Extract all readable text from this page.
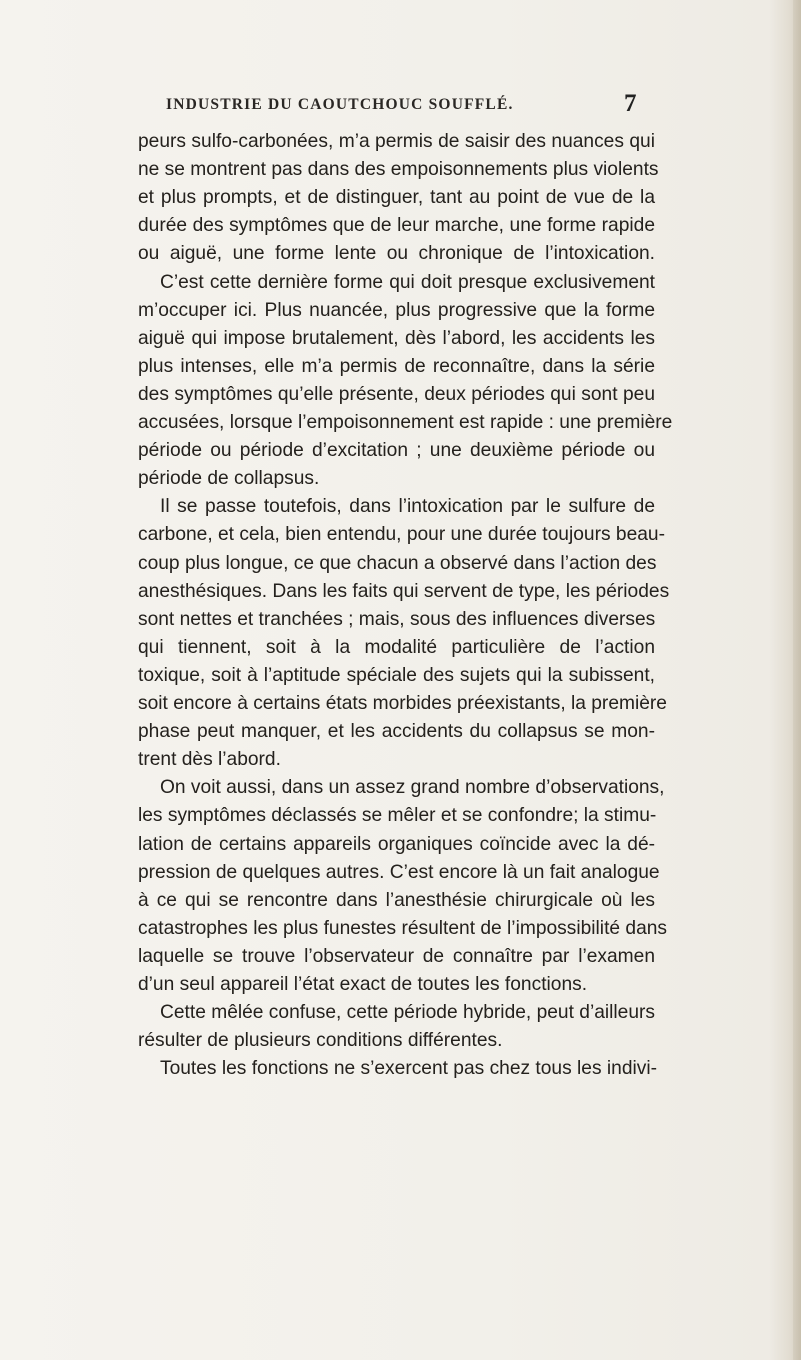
INDUSTRIE DU CAOUTCHOUC SOUFFLÉ.	7
peurs sulfo-carbonées, m’a permis de saisir des nuances qui
ne se montrent pas dans des empoisonnements plus violents
et plus prompts, et de distinguer, tant au point de vue de la
durée des symptômes que de leur marche, une forme rapide
ou aiguë, une forme lente ou chronique de l’intoxication.
C’est cette dernière forme qui doit presque exclusivement
m’occuper ici. Plus nuancée, plus progressive que la forme
aiguë qui impose brutalement, dès l’abord, les accidents les
plus intenses, elle m’a permis de reconnaître, dans la série
des symptômes qu’elle présente, deux périodes qui sont peu
accusées, lorsque l’empoisonnement est rapide : une première
période ou période d’excitation ; une deuxième période ou
période de collapsus.
Il se passe toutefois, dans l’intoxication par le sulfure de
carbone, et cela, bien entendu, pour une durée toujours beau-
coup plus longue, ce que chacun a observé dans l’action des
anesthésiques. Dans les faits qui servent de type, les périodes
sont nettes et tranchées ; mais, sous des influences diverses
qui tiennent, soit à la modalité particulière de l’action
toxique, soit à l’aptitude spéciale des sujets qui la subissent,
soit encore à certains états morbides préexistants, la première
phase peut manquer, et les accidents du collapsus se mon-
trent dès l’abord.
On voit aussi, dans un assez grand nombre d’observations,
les symptômes déclassés se mêler et se confondre; la stimu-
lation de certains appareils organiques coïncide avec la dé-
pression de quelques autres. C’est encore là un fait analogue
à ce qui se rencontre dans l’anesthésie chirurgicale où les
catastrophes les plus funestes résultent de l’impossibilité dans
laquelle se trouve l’observateur de connaître par l’examen
d’un seul appareil l’état exact de toutes les fonctions.
Cette mêlée confuse, cette période hybride, peut d’ailleurs
résulter de plusieurs conditions différentes.
Toutes les fonctions ne s’exercent pas chez tous les indivi-
